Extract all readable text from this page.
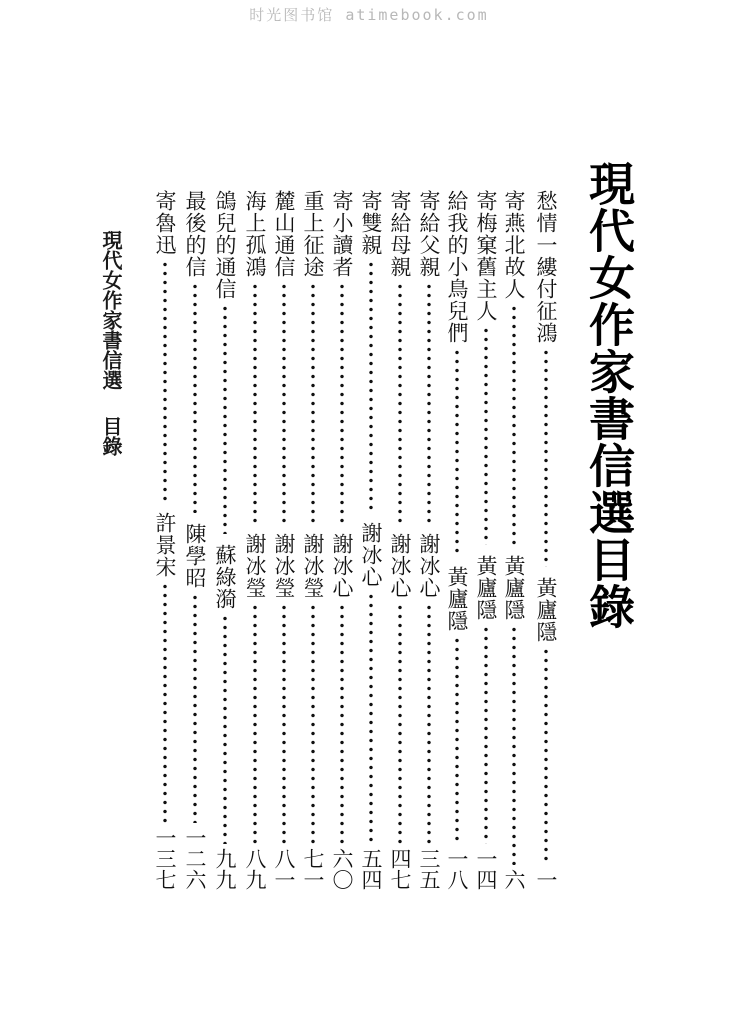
时光图书馆 atimebook.com
現代女作家書信選目錄
現代女作家書信選目錄
愁情一縷付征鴻
黃廬隱
一
寄燕北故人
黃廬隱
六
寄梅窠舊主人
黃廬隱
一四
給我的小鳥兒們
黃廬隱
一八
寄給父親
謝冰心
三五
寄給母親
謝冰心
四七
寄雙親
謝冰心
五四
寄小讀者
謝冰心
六〇
重上征途
謝冰瑩
七一
麓山通信
謝冰瑩
八一
海上孤鴻
謝冰瑩
八九
鴿兒的通信
蘇綠漪
九九
最後的信
陳學昭
一二六
寄魯迅
許景宋
一三七
